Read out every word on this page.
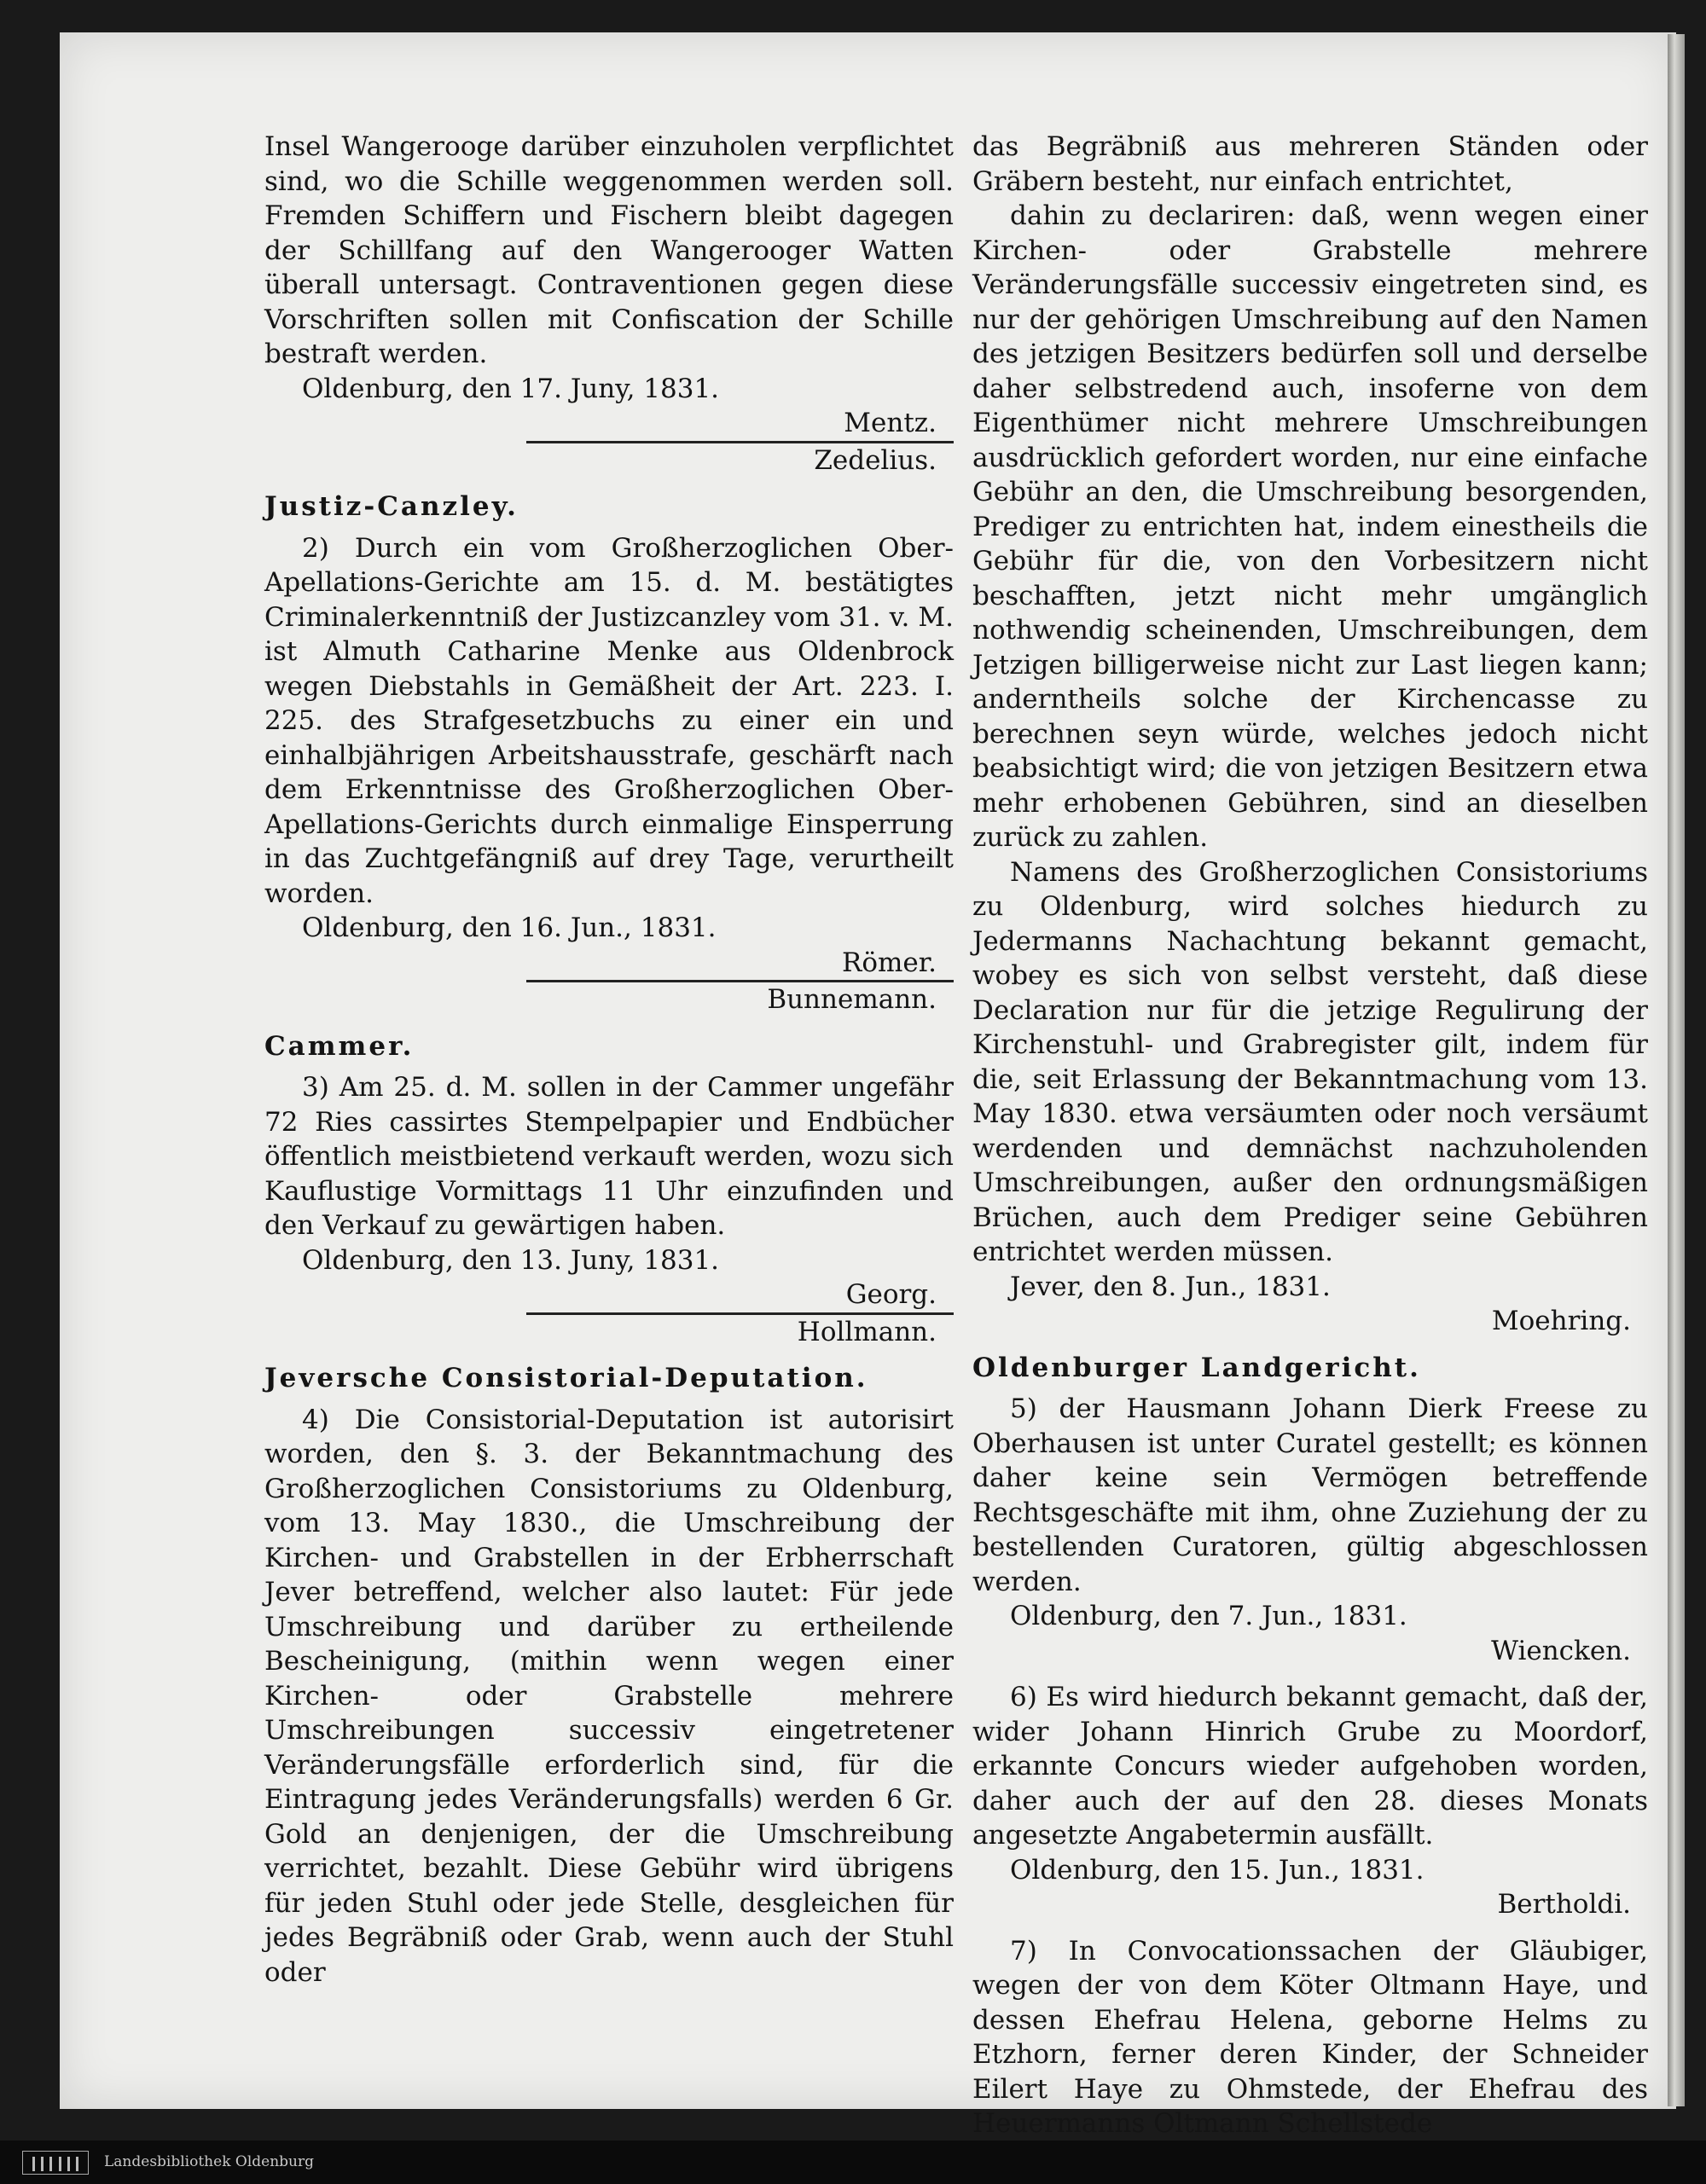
Insel Wangerooge darüber einzuholen verpflichtet sind, wo die Schille weggenommen werden soll. Fremden Schiffern und Fischern bleibt dagegen der Schillfang auf den Wangerooger Watten überall untersagt. Contraventionen gegen diese Vorschriften sollen mit Confiscation der Schille bestraft werden.

Oldenburg, den 17. Juny, 1831.

Mentz.

Zedelius.

Justiz-Canzley.

2) Durch ein vom Großherzoglichen Ober-Apellations-Gerichte am 15. d. M. bestätigtes Criminalerkenntniß der Justizcanzley vom 31. v. M. ist Almuth Catharine Menke aus Oldenbrock wegen Diebstahls in Gemäßheit der Art. 223. I. 225. des Strafgesetzbuchs zu einer ein und einhalbjährigen Arbeitshausstrafe, geschärft nach dem Erkenntnisse des Großherzoglichen Ober-Apellations-Gerichts durch einmalige Einsperrung in das Zuchtgefängniß auf drey Tage, verurtheilt worden.

Oldenburg, den 16. Jun., 1831.

Römer.

Bunnemann.

Cammer.

3) Am 25. d. M. sollen in der Cammer ungefähr 72 Ries cassirtes Stempelpapier und Endbücher öffentlich meistbietend verkauft werden, wozu sich Kauflustige Vormittags 11 Uhr einzufinden und den Verkauf zu gewärtigen haben.

Oldenburg, den 13. Juny, 1831.

Georg.

Hollmann.

Jeversche Consistorial-Deputation.

4) Die Consistorial-Deputation ist autorisirt worden, den §. 3. der Bekanntmachung des Großherzoglichen Consistoriums zu Oldenburg, vom 13. May 1830., die Umschreibung der Kirchen- und Grabstellen in der Erbherrschaft Jever betreffend, welcher also lautet: Für jede Umschreibung und darüber zu ertheilende Bescheinigung, (mithin wenn wegen einer Kirchen- oder Grabstelle mehrere Umschreibungen successiv eingetretener Veränderungsfälle erforderlich sind, für die Eintragung jedes Veränderungsfalls) werden 6 Gr. Gold an denjenigen, der die Umschreibung verrichtet, bezahlt. Diese Gebühr wird übrigens für jeden Stuhl oder jede Stelle, desgleichen für jedes Begräbniß oder Grab, wenn auch der Stuhl oder

das Begräbniß aus mehreren Ständen oder Gräbern besteht, nur einfach entrichtet,

dahin zu declariren: daß, wenn wegen einer Kirchen- oder Grabstelle mehrere Veränderungsfälle successiv eingetreten sind, es nur der gehörigen Umschreibung auf den Namen des jetzigen Besitzers bedürfen soll und derselbe daher selbstredend auch, insoferne von dem Eigenthümer nicht mehrere Umschreibungen ausdrücklich gefordert worden, nur eine einfache Gebühr an den, die Umschreibung besorgenden, Prediger zu entrichten hat, indem einestheils die Gebühr für die, von den Vorbesitzern nicht beschafften, jetzt nicht mehr umgänglich nothwendig scheinenden, Umschreibungen, dem Jetzigen billigerweise nicht zur Last liegen kann; anderntheils solche der Kirchencasse zu berechnen seyn würde, welches jedoch nicht beabsichtigt wird; die von jetzigen Besitzern etwa mehr erhobenen Gebühren, sind an dieselben zurück zu zahlen.

Namens des Großherzoglichen Consistoriums zu Oldenburg, wird solches hiedurch zu Jedermanns Nachachtung bekannt gemacht, wobey es sich von selbst versteht, daß diese Declaration nur für die jetzige Regulirung der Kirchenstuhl- und Grabregister gilt, indem für die, seit Erlassung der Bekanntmachung vom 13. May 1830. etwa versäumten oder noch versäumt werdenden und demnächst nachzuholenden Umschreibungen, außer den ordnungsmäßigen Brüchen, auch dem Prediger seine Gebühren entrichtet werden müssen.

Jever, den 8. Jun., 1831.

Moehring.

Oldenburger Landgericht.

5) der Hausmann Johann Dierk Freese zu Oberhausen ist unter Curatel gestellt; es können daher keine sein Vermögen betreffende Rechtsgeschäfte mit ihm, ohne Zuziehung der zu bestellenden Curatoren, gültig abgeschlossen werden.

Oldenburg, den 7. Jun., 1831.

Wiencken.

6) Es wird hiedurch bekannt gemacht, daß der, wider Johann Hinrich Grube zu Moordorf, erkannte Concurs wieder aufgehoben worden, daher auch der auf den 28. dieses Monats angesetzte Angabetermin ausfällt.

Oldenburg, den 15. Jun., 1831.

Bertholdi.

7) In Convocationssachen der Gläubiger, wegen der von dem Köter Oltmann Haye, und dessen Ehefrau Helena, geborne Helms zu Etzhorn, ferner deren Kinder, der Schneider Eilert Haye zu Ohmstede, der Ehefrau des Heuermanns Oltmann Schellstede

Landesbibliothek Oldenburg
